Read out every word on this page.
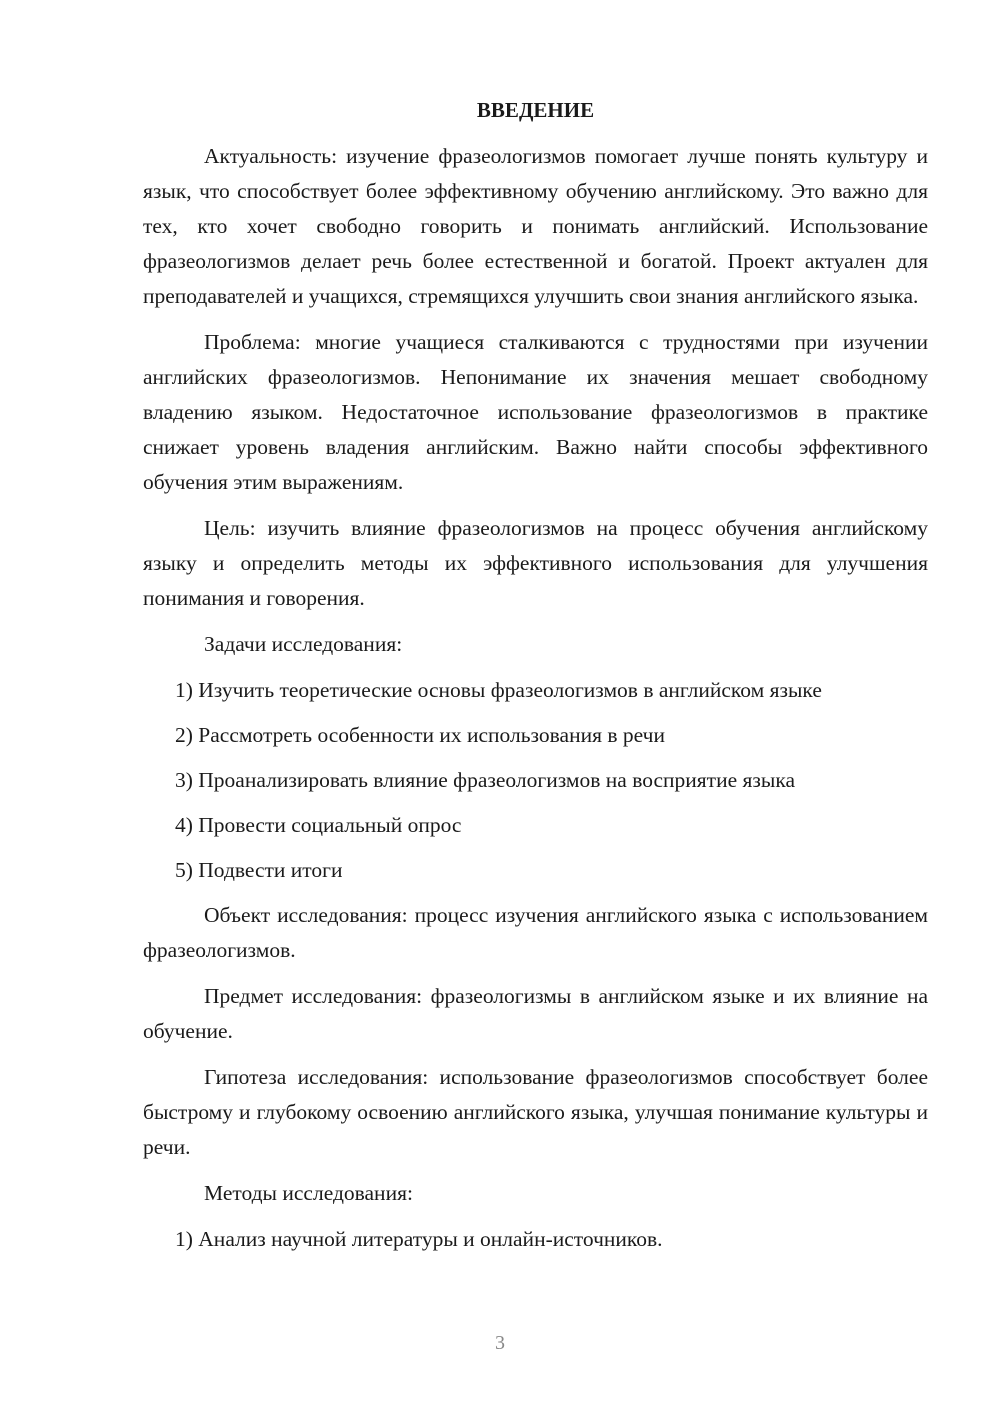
ВВЕДЕНИЕ

Актуальность: изучение фразеологизмов помогает лучше понять культуру и язык, что способствует более эффективному обучению английскому. Это важно для тех, кто хочет свободно говорить и понимать английский. Использование фразеологизмов делает речь более естественной и богатой. Проект актуален для преподавателей и учащихся, стремящихся улучшить свои знания английского языка.

Проблема: многие учащиеся сталкиваются с трудностями при изучении английских фразеологизмов. Непонимание их значения мешает свободному владению языком. Недостаточное использование фразеологизмов в практике снижает уровень владения английским. Важно найти способы эффективного обучения этим выражениям.

Цель: изучить влияние фразеологизмов на процесс обучения английскому языку и определить методы их эффективного использования для улучшения понимания и говорения.

Задачи исследования:
1) Изучить теоретические основы фразеологизмов в английском языке
2) Рассмотреть особенности их использования в речи
3) Проанализировать влияние фразеологизмов на восприятие языка
4) Провести социальный опрос
5) Подвести итоги

Объект исследования: процесс изучения английского языка с использованием фразеологизмов.

Предмет исследования: фразеологизмы в английском языке и их влияние на обучение.

Гипотеза исследования: использование фразеологизмов способствует более быстрому и глубокому освоению английского языка, улучшая понимание культуры и речи.

Методы исследования:
1) Анализ научной литературы и онлайн-источников.
3
